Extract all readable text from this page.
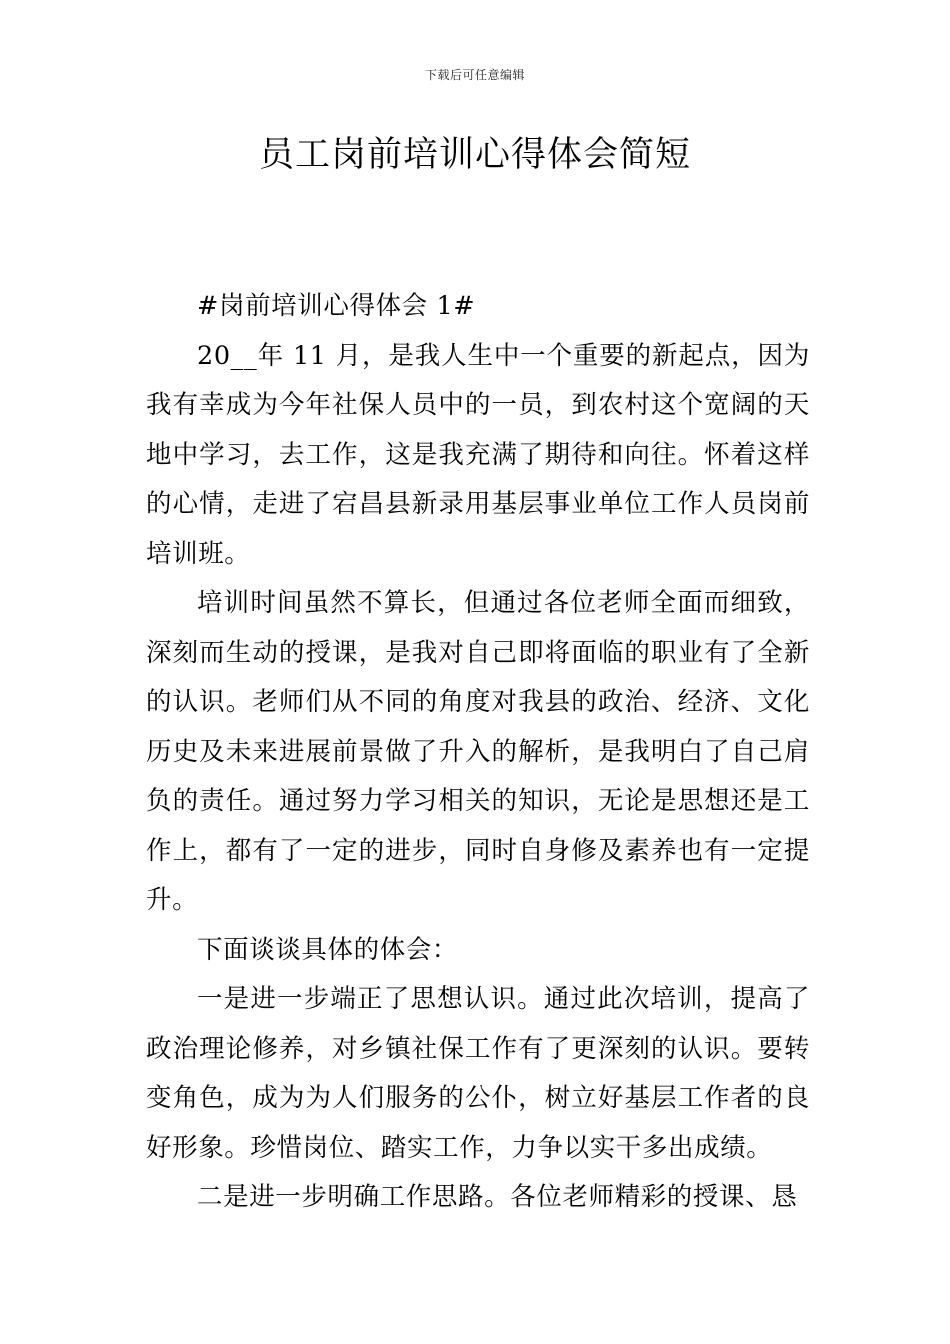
下载后可任意编辑
员工岗前培训心得体会简短

#岗前培训心得体会 1#

20__年 11 月，是我人生中一个重要的新起点，因为我有幸成为今年社保人员中的一员，到农村这个宽阔的天地中学习，去工作，这是我充满了期待和向往。怀着这样的心情，走进了宕昌县新录用基层事业单位工作人员岗前培训班。

培训时间虽然不算长，但通过各位老师全面而细致，深刻而生动的授课，是我对自己即将面临的职业有了全新的认识。老师们从不同的角度对我县的政治、经济、文化历史及未来进展前景做了升入的解析，是我明白了自己肩负的责任。通过努力学习相关的知识，无论是思想还是工作上，都有了一定的进步，同时自身修及素养也有一定提升。

下面谈谈具体的体会：

一是进一步端正了思想认识。通过此次培训，提高了政治理论修养，对乡镇社保工作有了更深刻的认识。要转变角色，成为为人们服务的公仆，树立好基层工作者的良好形象。珍惜岗位、踏实工作，力争以实干多出成绩。

二是进一步明确工作思路。各位老师精彩的授课、恳
